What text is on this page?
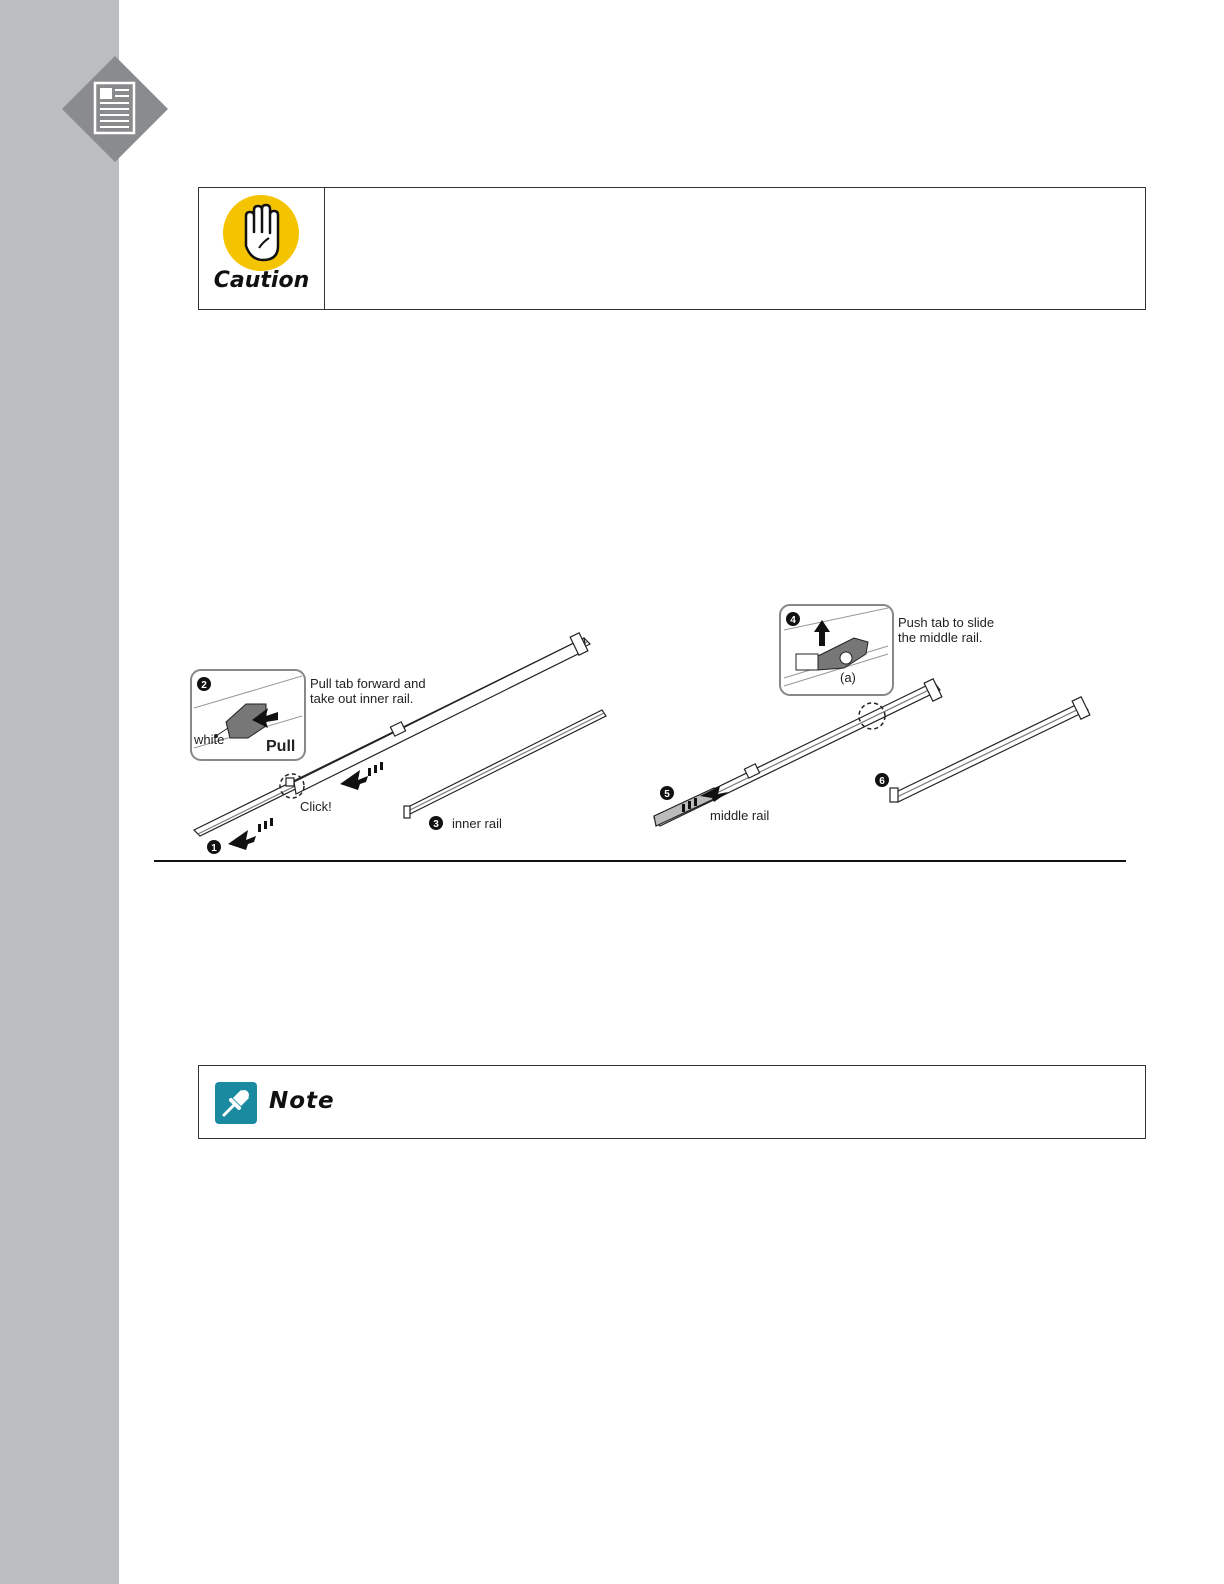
Caution
Click!
2
white	Pull
Pull tab forward and
take out inner rail.
1
3 inner rail
4
(a)
Push tab to slide
the middle rail.
5
middle rail
6
Note
